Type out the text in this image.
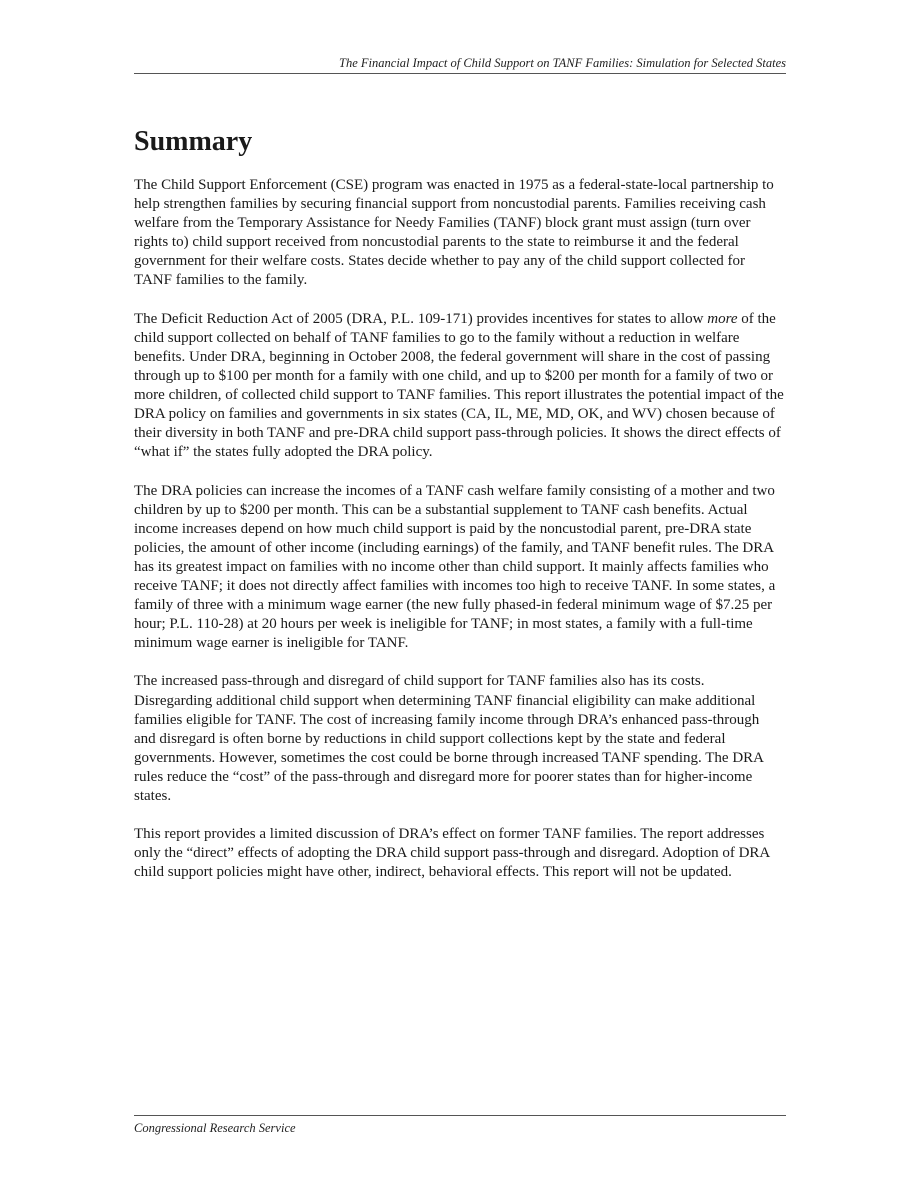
The Financial Impact of Child Support on TANF Families: Simulation for Selected States
Summary

The Child Support Enforcement (CSE) program was enacted in 1975 as a federal-state-local partnership to help strengthen families by securing financial support from noncustodial parents. Families receiving cash welfare from the Temporary Assistance for Needy Families (TANF) block grant must assign (turn over rights to) child support received from noncustodial parents to the state to reimburse it and the federal government for their welfare costs. States decide whether to pay any of the child support collected for TANF families to the family.

The Deficit Reduction Act of 2005 (DRA, P.L. 109-171) provides incentives for states to allow more of the child support collected on behalf of TANF families to go to the family without a reduction in welfare benefits. Under DRA, beginning in October 2008, the federal government will share in the cost of passing through up to $100 per month for a family with one child, and up to $200 per month for a family of two or more children, of collected child support to TANF families. This report illustrates the potential impact of the DRA policy on families and governments in six states (CA, IL, ME, MD, OK, and WV) chosen because of their diversity in both TANF and pre-DRA child support pass-through policies. It shows the direct effects of “what if” the states fully adopted the DRA policy.

The DRA policies can increase the incomes of a TANF cash welfare family consisting of a mother and two children by up to $200 per month. This can be a substantial supplement to TANF cash benefits. Actual income increases depend on how much child support is paid by the noncustodial parent, pre-DRA state policies, the amount of other income (including earnings) of the family, and TANF benefit rules. The DRA has its greatest impact on families with no income other than child support. It mainly affects families who receive TANF; it does not directly affect families with incomes too high to receive TANF. In some states, a family of three with a minimum wage earner (the new fully phased-in federal minimum wage of $7.25 per hour; P.L. 110-28) at 20 hours per week is ineligible for TANF; in most states, a family with a full-time minimum wage earner is ineligible for TANF.

The increased pass-through and disregard of child support for TANF families also has its costs. Disregarding additional child support when determining TANF financial eligibility can make additional families eligible for TANF. The cost of increasing family income through DRA’s enhanced pass-through and disregard is often borne by reductions in child support collections kept by the state and federal governments. However, sometimes the cost could be borne through increased TANF spending. The DRA rules reduce the “cost” of the pass-through and disregard more for poorer states than for higher-income states.

This report provides a limited discussion of DRA’s effect on former TANF families. The report addresses only the “direct” effects of adopting the DRA child support pass-through and disregard. Adoption of DRA child support policies might have other, indirect, behavioral effects. This report will not be updated.

Congressional Research Service
